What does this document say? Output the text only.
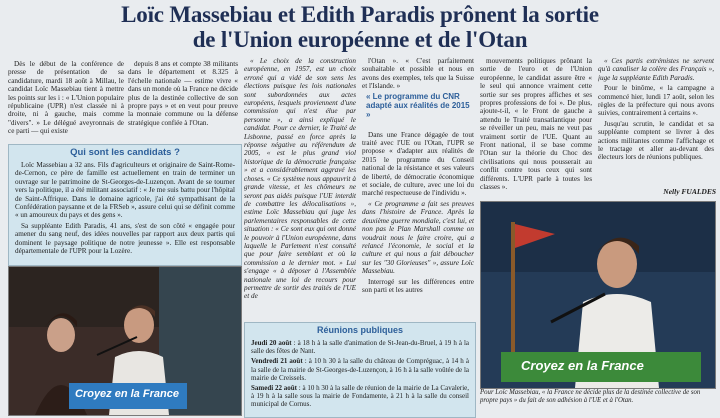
Loïc Massebiau et Edith Paradis prônent la sortie
de l'Union européenne et de l'Otan

Dès le début de la conférence de presse de présentation de sa candidature, mardi 18 août à Millau, le candidat Loïc Massebiau tient à mettre les points sur les i : « L'Union populaire républicaine (UPR) n'est classée ni à droite, ni à gauche, mais comme "divers". » Le délégué aveyronnais de ce parti — qui existe

depuis 8 ans et compte 38 militants dans le département et 8.325 à l'échelle nationale — estime vivre « dans un monde où la France ne décide plus de la destinée collective de son propre pays » et en veut pour preuve la monnaie commune ou la défense stratégique confiée à l'Otan.

Qui sont les candidats ?

Loïc Massebiau a 32 ans. Fils d'agriculteurs et originaire de Saint-Rome-de-Cernon, ce père de famille est actuellement en train de terminer un ouvrage sur le patrimoine de St-Georges-de-Luzençon. Avant de se tourner vers la politique, il a été militant associatif : « Je me suis battu pour l'hôpital de Saint-Affrique. Dans le domaine agricole, j'ai été sympathisant de la Confédération paysanne et de la FRSeb », assure celui qui se définit comme « un amoureux du pays et des gens ».

Sa suppléante Edith Paradis, 41 ans, s'est de son côté « engagée pour amener du sang neuf, des idées nouvelles par rapport aux deux partis qui dominent le paysage politique de notre jeunesse ». Elle est responsable départementale de l'UPR pour la Lozère.

Croyez en la France

« Le choix de la construction européenne, en 1957, est un choix erroné qui a vidé de son sens les élections puisque les lois nationales sont subordonnées aux actes européens, lesquels proviennent d'une commission qui n'est élue par personne », a ainsi expliqué le candidat. Pour ce dernier, le Traité de Lisbonne, passé en force après la réponse négative au référendum de 2005, « est le plus grand viol historique de la démocratie française » et a considérablement aggravé les choses. « Ce système nous appauvrit à grande vitesse, et les chômeurs ne seront pas aidés puisque l'UE interdit de combattre les délocalisations », estime Loïc Massebiau qui juge les parlementaires responsables de cette situation : « Ce sont eux qui ont donné le pouvoir à l'Union européenne, dans laquelle le Parlement n'est consulté que pour faire semblant et où la commission a le dernier mot. » Lui s'engage « à déposer à l'Assemblée nationale une loi de recours pour permettre de sortir des traités de l'UE et de

l'Otan ». « C'est parfaitement souhaitable et possible et nous en avons des exemples, tels que la Suisse et l'Islande. »

Dans une France dégagée de tout traité avec l'UE ou l'Otan, l'UPR se propose « d'adapter aux réalités de 2015 le programme du Conseil national de la résistance et ses valeurs de liberté, de démocratie économique et sociale, de culture, avec une loi du marché respectueuse de l'individu ».

« Ce programme a fait ses preuves dans l'histoire de France. Après la deuxième guerre mondiale, c'est lui, et non pas le Plan Marshall comme on voudrait nous le faire croire, qui a relancé l'économie, le social et la culture et qui nous a fait déboucher sur les "30 Glorieuses" », assure Loïc Massebiau.

Interrogé sur les différences entre son parti et les autres

« Le programme du CNR adapté aux réalités de 2015 »
Réunions publiques

Jeudi 20 août : à 18 h à la salle d'animation de St-Jean-du-Bruel, à 19 h à la salle des fêtes de Nant.

Vendredi 21 août : à 10 h 30 à la salle du château de Compréguac, à 14 h à la salle de la mairie de St-Georges-de-Luzençon, à 16 h à la salle voûtée de la mairie de Creissels.

Samedi 22 août : à 10 h 30 à la salle de réunion de la mairie de La Cavalerie, à 19 h à la salle sous la mairie de Fondamente, à 21 h à la salle du conseil municipal de Cornus.

mouvements politiques prônant la sortie de l'euro et de l'Union européenne, le candidat assure être « le seul qui annonce vraiment cette sortie sur ses propres affiches et ses propres professions de foi ». De plus, ajoute-t-il, « le Front de gauche a attendu le Traité transatlantique pour se réveiller un peu, mais ne veut pas vraiment sortir de l'UE. Quant au Front national, il se base comme l'Otan sur la théorie du Choc des civilisations qui nous pousserait au conflit contre tous ceux qui sont différents. L'UPR parle à toutes les classes ».

« Ces partis extrémistes ne servent qu'à canaliser la colère des Français », juge la suppléante Edith Paradis.

Pour le binôme, « la campagne a commencé hier, lundi 17 août, selon les règles de la préfecture qui nous avons suivies, contrairement à certains ».

Jusqu'au scrutin, le candidat et sa suppléante comptent se livrer à des actions militantes comme l'affichage et le tractage et aller au-devant des électeurs lors de réunions publiques.

Nelly FUALDES
Croyez en la France
Pour Loïc Massebiau, « la France ne décide plus de la destinée collective de son propre pays » du fait de son adhésion à l'UE et à l'Otan.
